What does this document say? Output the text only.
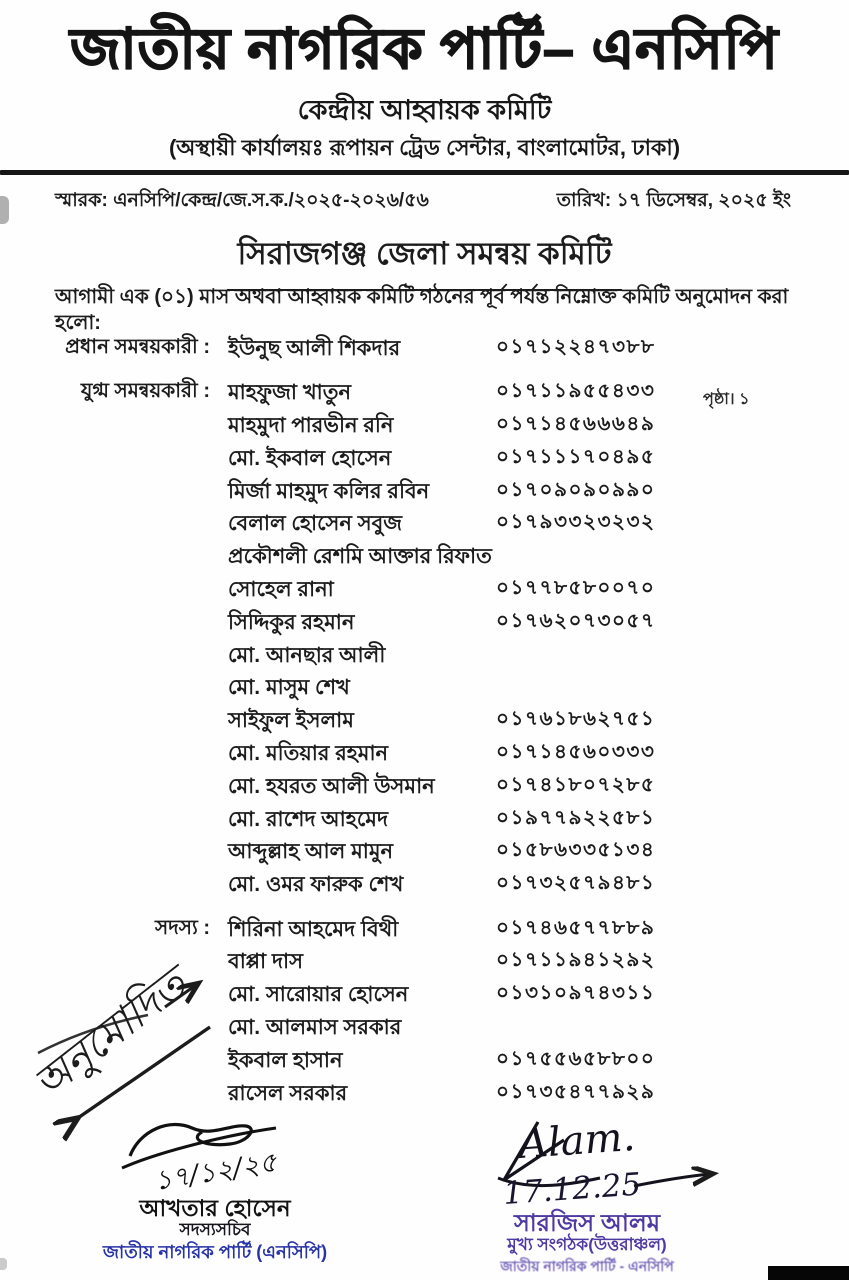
জাতীয় নাগরিক পার্টি– এনসিপি
কেন্দ্রীয় আহ্বায়ক কমিটি
(অস্থায়ী কার্যালয়ঃ রূপায়ন ট্রেড সেন্টার, বাংলামোটর, ঢাকা)
স্মারক: এনসিপি/কেন্দ্র/জে.স.ক./২০২৫-২০২৬/৫৬	তারিখ: ১৭ ডিসেম্বর, ২০২৫ ইং
সিরাজগঞ্জ জেলা সমন্বয় কমিটি
আগামী এক (০১) মাস অথবা আহ্বায়ক কমিটি গঠনের পূর্ব পর্যন্ত নিম্নোক্ত কমিটি অনুমোদন করা হলো:
পৃষ্ঠা। ১
প্রধান সমন্বয়কারী : ইউনুছ আলী শিকদার	০১৭১২২৪৭৩৮৮
যুগ্ম সমন্বয়কারী : মাহফুজা খাতুন	০১৭১১৯৫৫৪৩৩
মাহমুদা পারভীন রনি	০১৭১৪৫৬৬৬৪৯
মো. ইকবাল হোসেন	০১৭১১১৭০৪৯৫
মির্জা মাহমুদ কলির রবিন	০১৭০৯০৯০৯৯০
বেলাল হোসেন সবুজ	০১৭৯৩৩২৩২৩২
প্রকৌশলী রেশমি আক্তার রিফাত
সোহেল রানা	০১৭৭৮৫৮০০৭০
সিদ্দিকুর রহমান	০১৭৬২০৭৩০৫৭
মো. আনছার আলী
মো. মাসুম শেখ
সাইফুল ইসলাম	০১৭৬১৮৬২৭৫১
মো. মতিয়ার রহমান	০১৭১৪৫৬০৩৩৩
মো. হযরত আলী উসমান	০১৭৪১৮০৭২৮৫
মো. রাশেদ আহমেদ	০১৯৭৭৯২২৫৮১
আব্দুল্লাহ আল মামুন	০১৫৮৬৩৩৫১৩৪
মো. ওমর ফারুক শেখ	০১৭৩২৫৭৯৪৮১
সদস্য : শিরিনা আহমেদ বিথী	০১৭৪৬৫৭৭৮৮৯
বাপ্পা দাস	০১৭১১৯৪১২৯২
মো. সারোয়ার হোসেন	০১৩১০৯৭৪৩১১
মো. আলমাস সরকার
ইকবাল হাসান	০১৭৫৫৬৫৮৮০০
রাসেল সরকার	০১৭৩৫৪৭৭৯২৯
অনুমোদিত
১৭/১২/২৫
Alam.
17.12.25
আখতার হোসেন
সদস্যসচিব
জাতীয় নাগরিক পার্টি (এনসিপি)
সারজিস আলম
মুখ্য সংগঠক(উত্তরাঞ্চল)
জাতীয় নাগরিক পার্টি - এনসিপি
